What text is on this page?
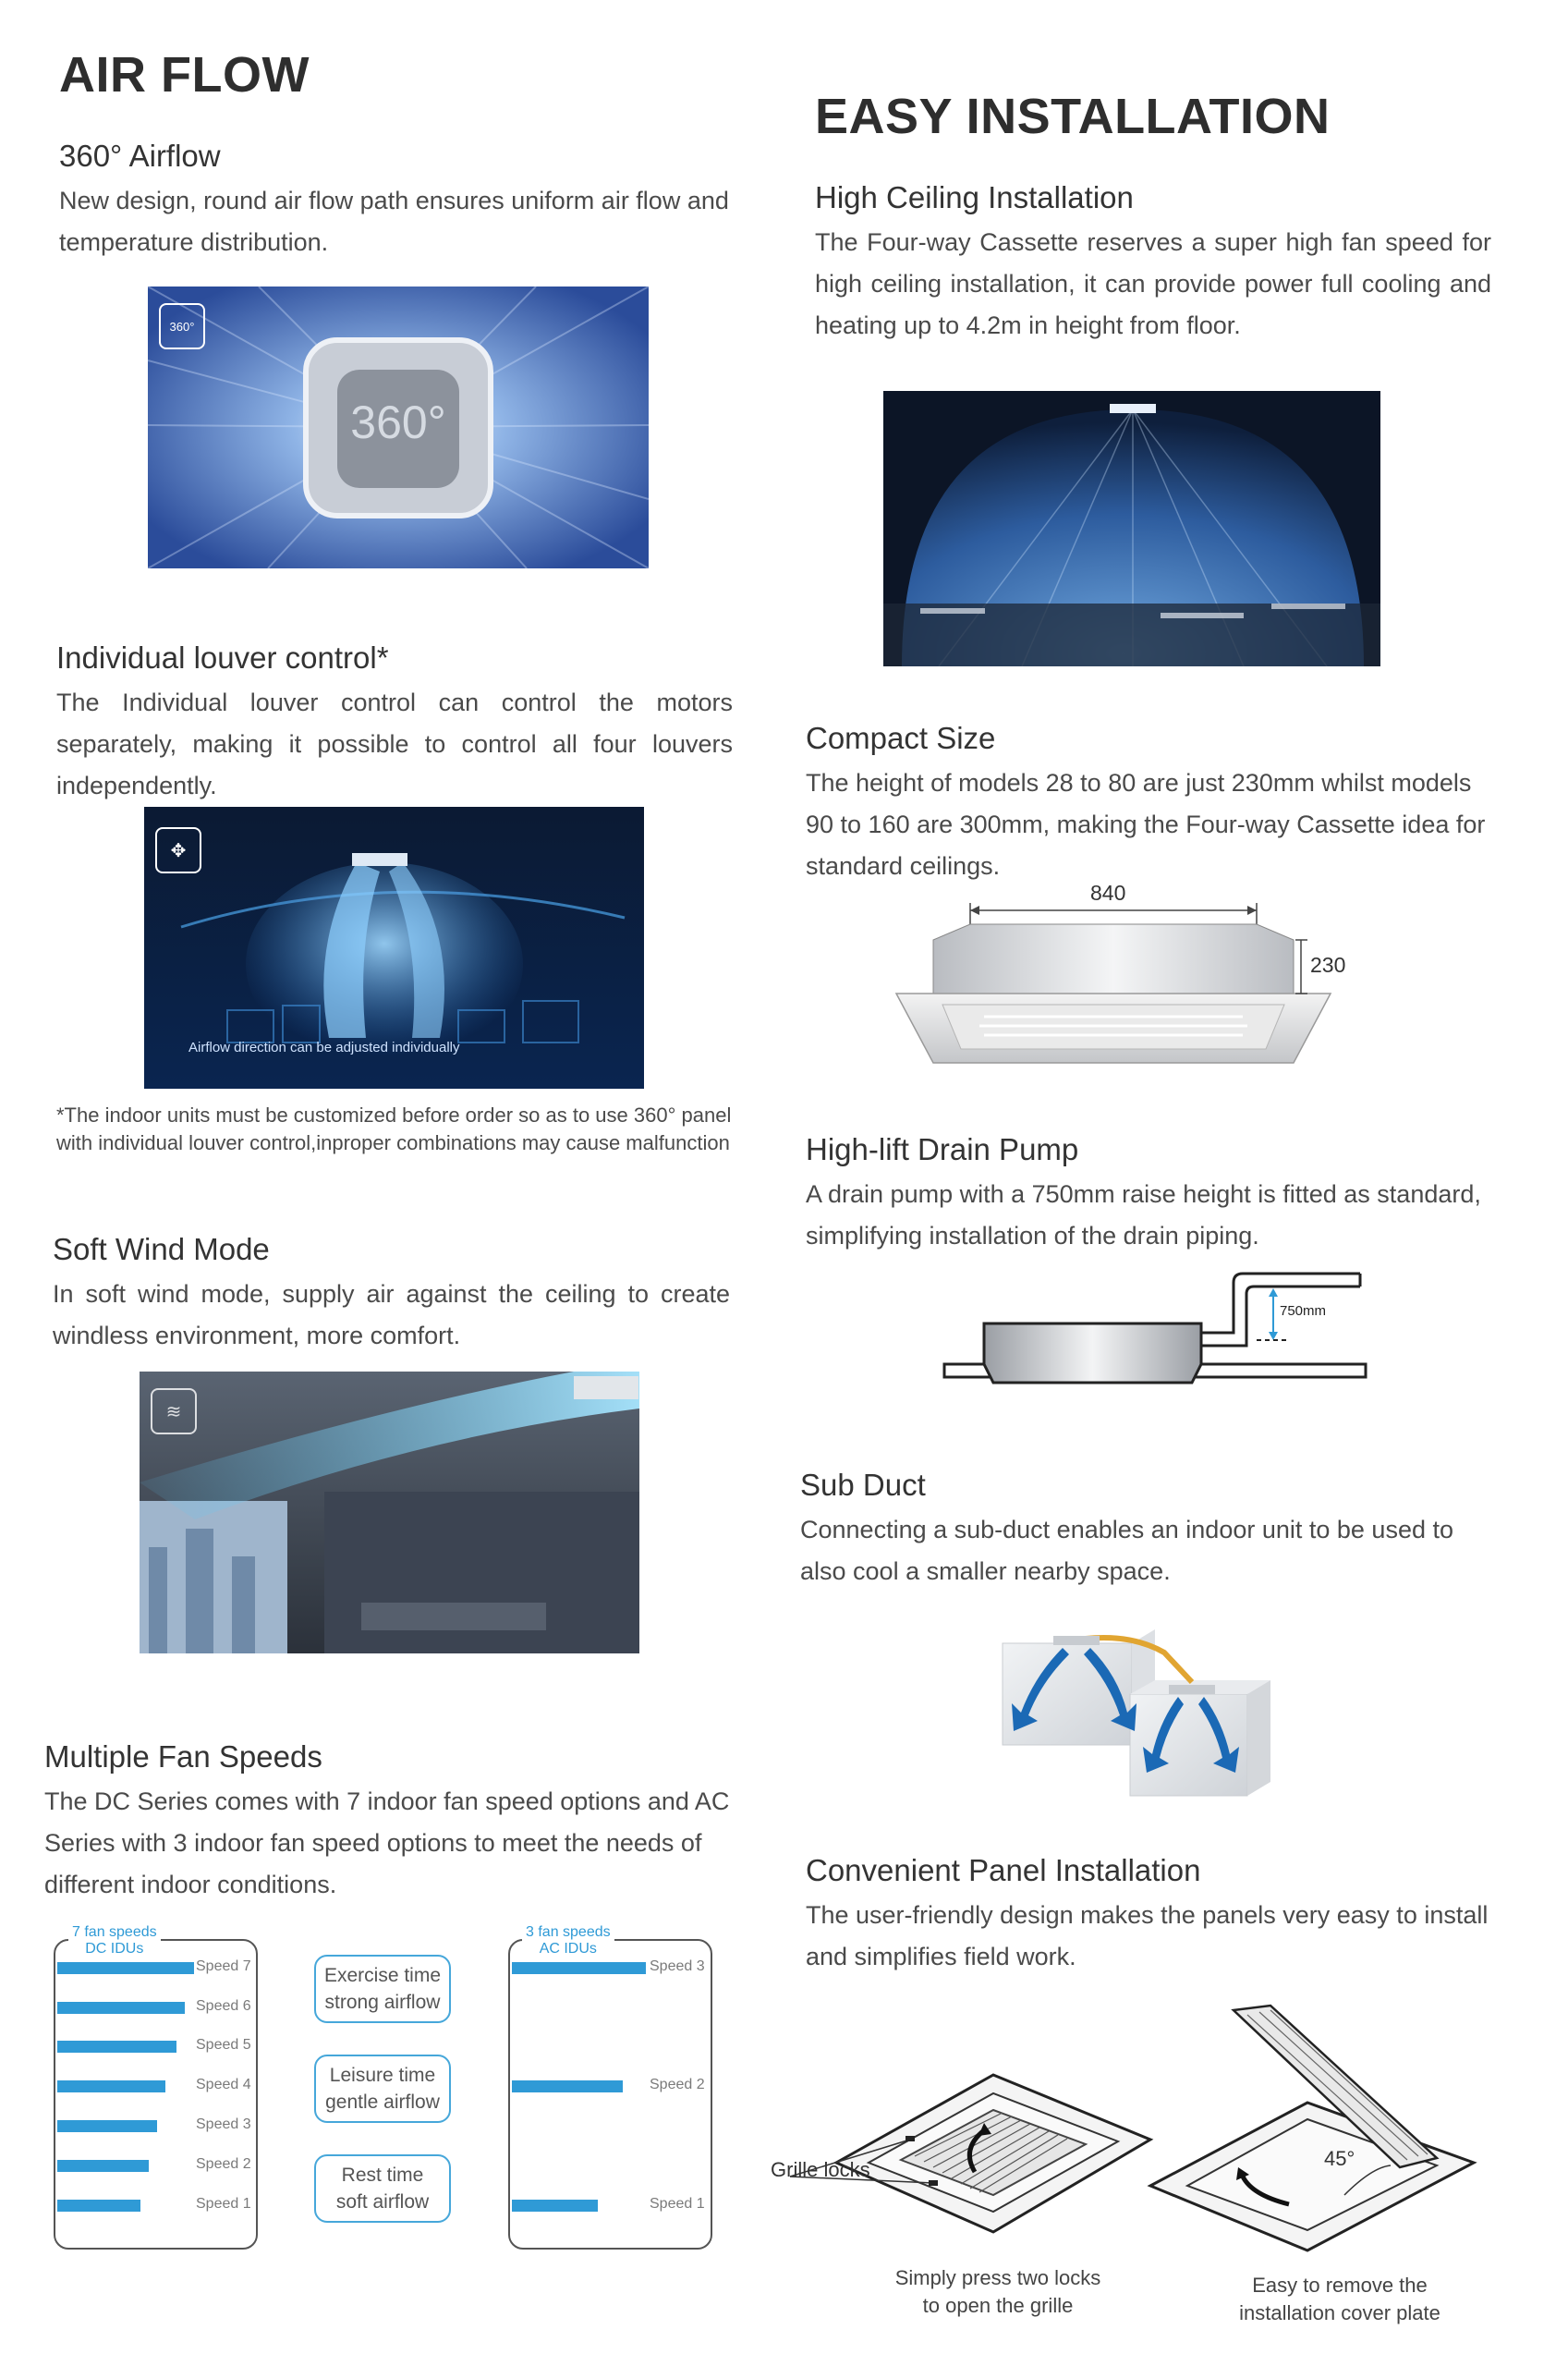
AIR FLOW
360° Airflow

New design, round air flow path ensures uniform air flow and temperature distribution.

360°
360°
Individual louver control*

The Individual louver control can control the motors separately, making it possible to control all four louvers independently.

Airflow direction can be adjusted individually
✥
*The indoor units must be customized before order so as to use 360° panel with individual louver control,inproper combinations may cause malfunction
Soft Wind Mode

In soft wind mode, supply air against the ceiling to create windless environment, more comfort.

≋
Multiple Fan Speeds

The DC Series comes with 7 indoor fan speed options and AC Series with 3 indoor fan speed options to meet the needs of different indoor conditions.

7 fan speeds
DC IDUs
Speed 7
Speed 6
Speed 5
Speed 4
Speed 3
Speed 2
Speed 1
Exercise time
strong airflow
Leisure time
gentle airflow
Rest time
soft airflow
3 fan speeds
AC IDUs
Speed 3
Speed 2
Speed 1
EASY INSTALLATION
High Ceiling Installation

The Four-way Cassette reserves a super high fan speed for high ceiling installation, it can provide power full cooling and heating up to 4.2m in height from floor.

Compact Size

The height of models 28 to 80 are just 230mm whilst models 90 to 160 are 300mm, making the Four-way Cassette idea for standard ceilings.

840
230
High-lift Drain Pump

A drain pump with a 750mm raise height is fitted as standard, simplifying installation of the drain piping.

750mm
Sub Duct

Connecting a sub-duct enables an indoor unit to be used to also cool a smaller nearby space.

Convenient Panel Installation

The user-friendly design makes the panels very easy to install and simplifies field work.

Grille locks	45°
Simply press two locks
to open the grille
Easy to remove the
installation cover plate
